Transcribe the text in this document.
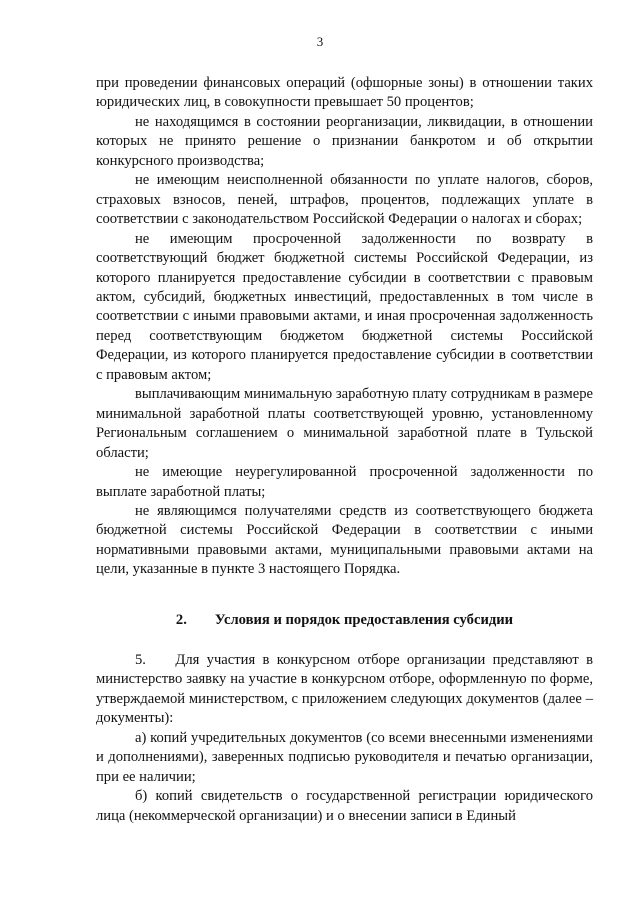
3

при проведении финансовых операций (офшорные зоны) в отношении таких юридических лиц, в совокупности превышает 50 процентов;

не находящимся в состоянии реорганизации, ликвидации, в отношении которых не принято решение о признании банкротом и об открытии конкурсного производства;

не имеющим неисполненной обязанности по уплате налогов, сборов, страховых взносов, пеней, штрафов, процентов, подлежащих уплате в соответствии с законодательством Российской Федерации о налогах и сборах;

не имеющим просроченной задолженности по возврату в соответствующий бюджет бюджетной системы Российской Федерации, из которого планируется предоставление субсидии в соответствии с правовым актом, субсидий, бюджетных инвестиций, предоставленных в том числе в соответствии с иными правовыми актами, и иная просроченная задолженность перед соответствующим бюджетом бюджетной системы Российской Федерации, из которого планируется предоставление субсидии в соответствии с правовым актом;

выплачивающим минимальную заработную плату сотрудникам в размере минимальной заработной платы соответствующей уровню, установленному Региональным соглашением о минимальной заработной плате в Тульской области;

не имеющие неурегулированной просроченной задолженности по выплате заработной платы;

не являющимся получателями средств из соответствующего бюджета бюджетной системы Российской Федерации в соответствии с иными нормативными правовыми актами, муниципальными правовыми актами на цели, указанные в пункте 3 настоящего Порядка.

2. Условия и порядок предоставления субсидии

5.    Для участия в конкурсном отборе организации представляют в министерство заявку на участие в конкурсном отборе, оформленную по форме, утверждаемой министерством, с приложением следующих документов (далее – документы):

а) копий учредительных документов (со всеми внесенными изменениями и дополнениями), заверенных подписью руководителя и печатью организации, при ее наличии;

б) копий свидетельств о государственной регистрации юридического лица (некоммерческой организации) и о внесении записи в Единый
